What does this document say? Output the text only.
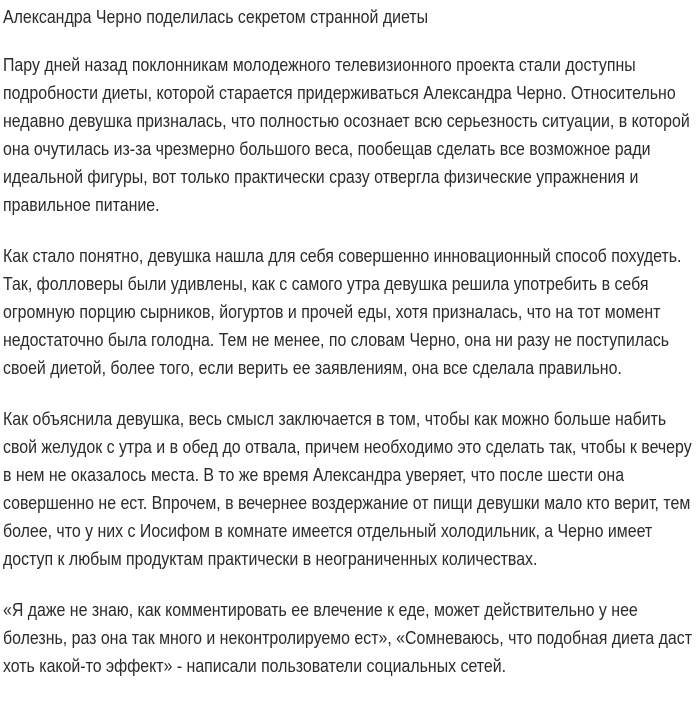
Александра Черно поделилась секретом странной диеты

Пару дней назад поклонникам молодежного телевизионного проекта стали доступны подробности диеты, которой старается придерживаться Александра Черно. Относительно недавно девушка призналась, что полностью осознает всю серьезность ситуации, в которой она очутилась из-за чрезмерно большого веса, пообещав сделать все возможное ради идеальной фигуры, вот только практически сразу отвергла физические упражнения и правильное питание.

Как стало понятно, девушка нашла для себя совершенно инновационный способ похудеть. Так, фолловеры были удивлены, как с самого утра девушка решила употребить в себя огромную порцию сырников, йогуртов и прочей еды, хотя призналась, что на тот момент недостаточно была голодна. Тем не менее, по словам Черно, она ни разу не поступилась своей диетой, более того, если верить ее заявлениям, она все сделала правильно.

Как объяснила девушка, весь смысл заключается в том, чтобы как можно больше набить свой желудок с утра и в обед до отвала, причем необходимо это сделать так, чтобы к вечеру в нем не оказалось места. В то же время Александра уверяет, что после шести она совершенно не ест. Впрочем, в вечернее воздержание от пищи девушки мало кто верит, тем более, что у них с Иосифом в комнате имеется отдельный холодильник, а Черно имеет доступ к любым продуктам практически в неограниченных количествах.

«Я даже не знаю, как комментировать ее влечение к еде, может действительно у нее болезнь, раз она так много и неконтролируемо ест», «Сомневаюсь, что подобная диета даст хоть какой-то эффект» - написали пользователи социальных сетей.
